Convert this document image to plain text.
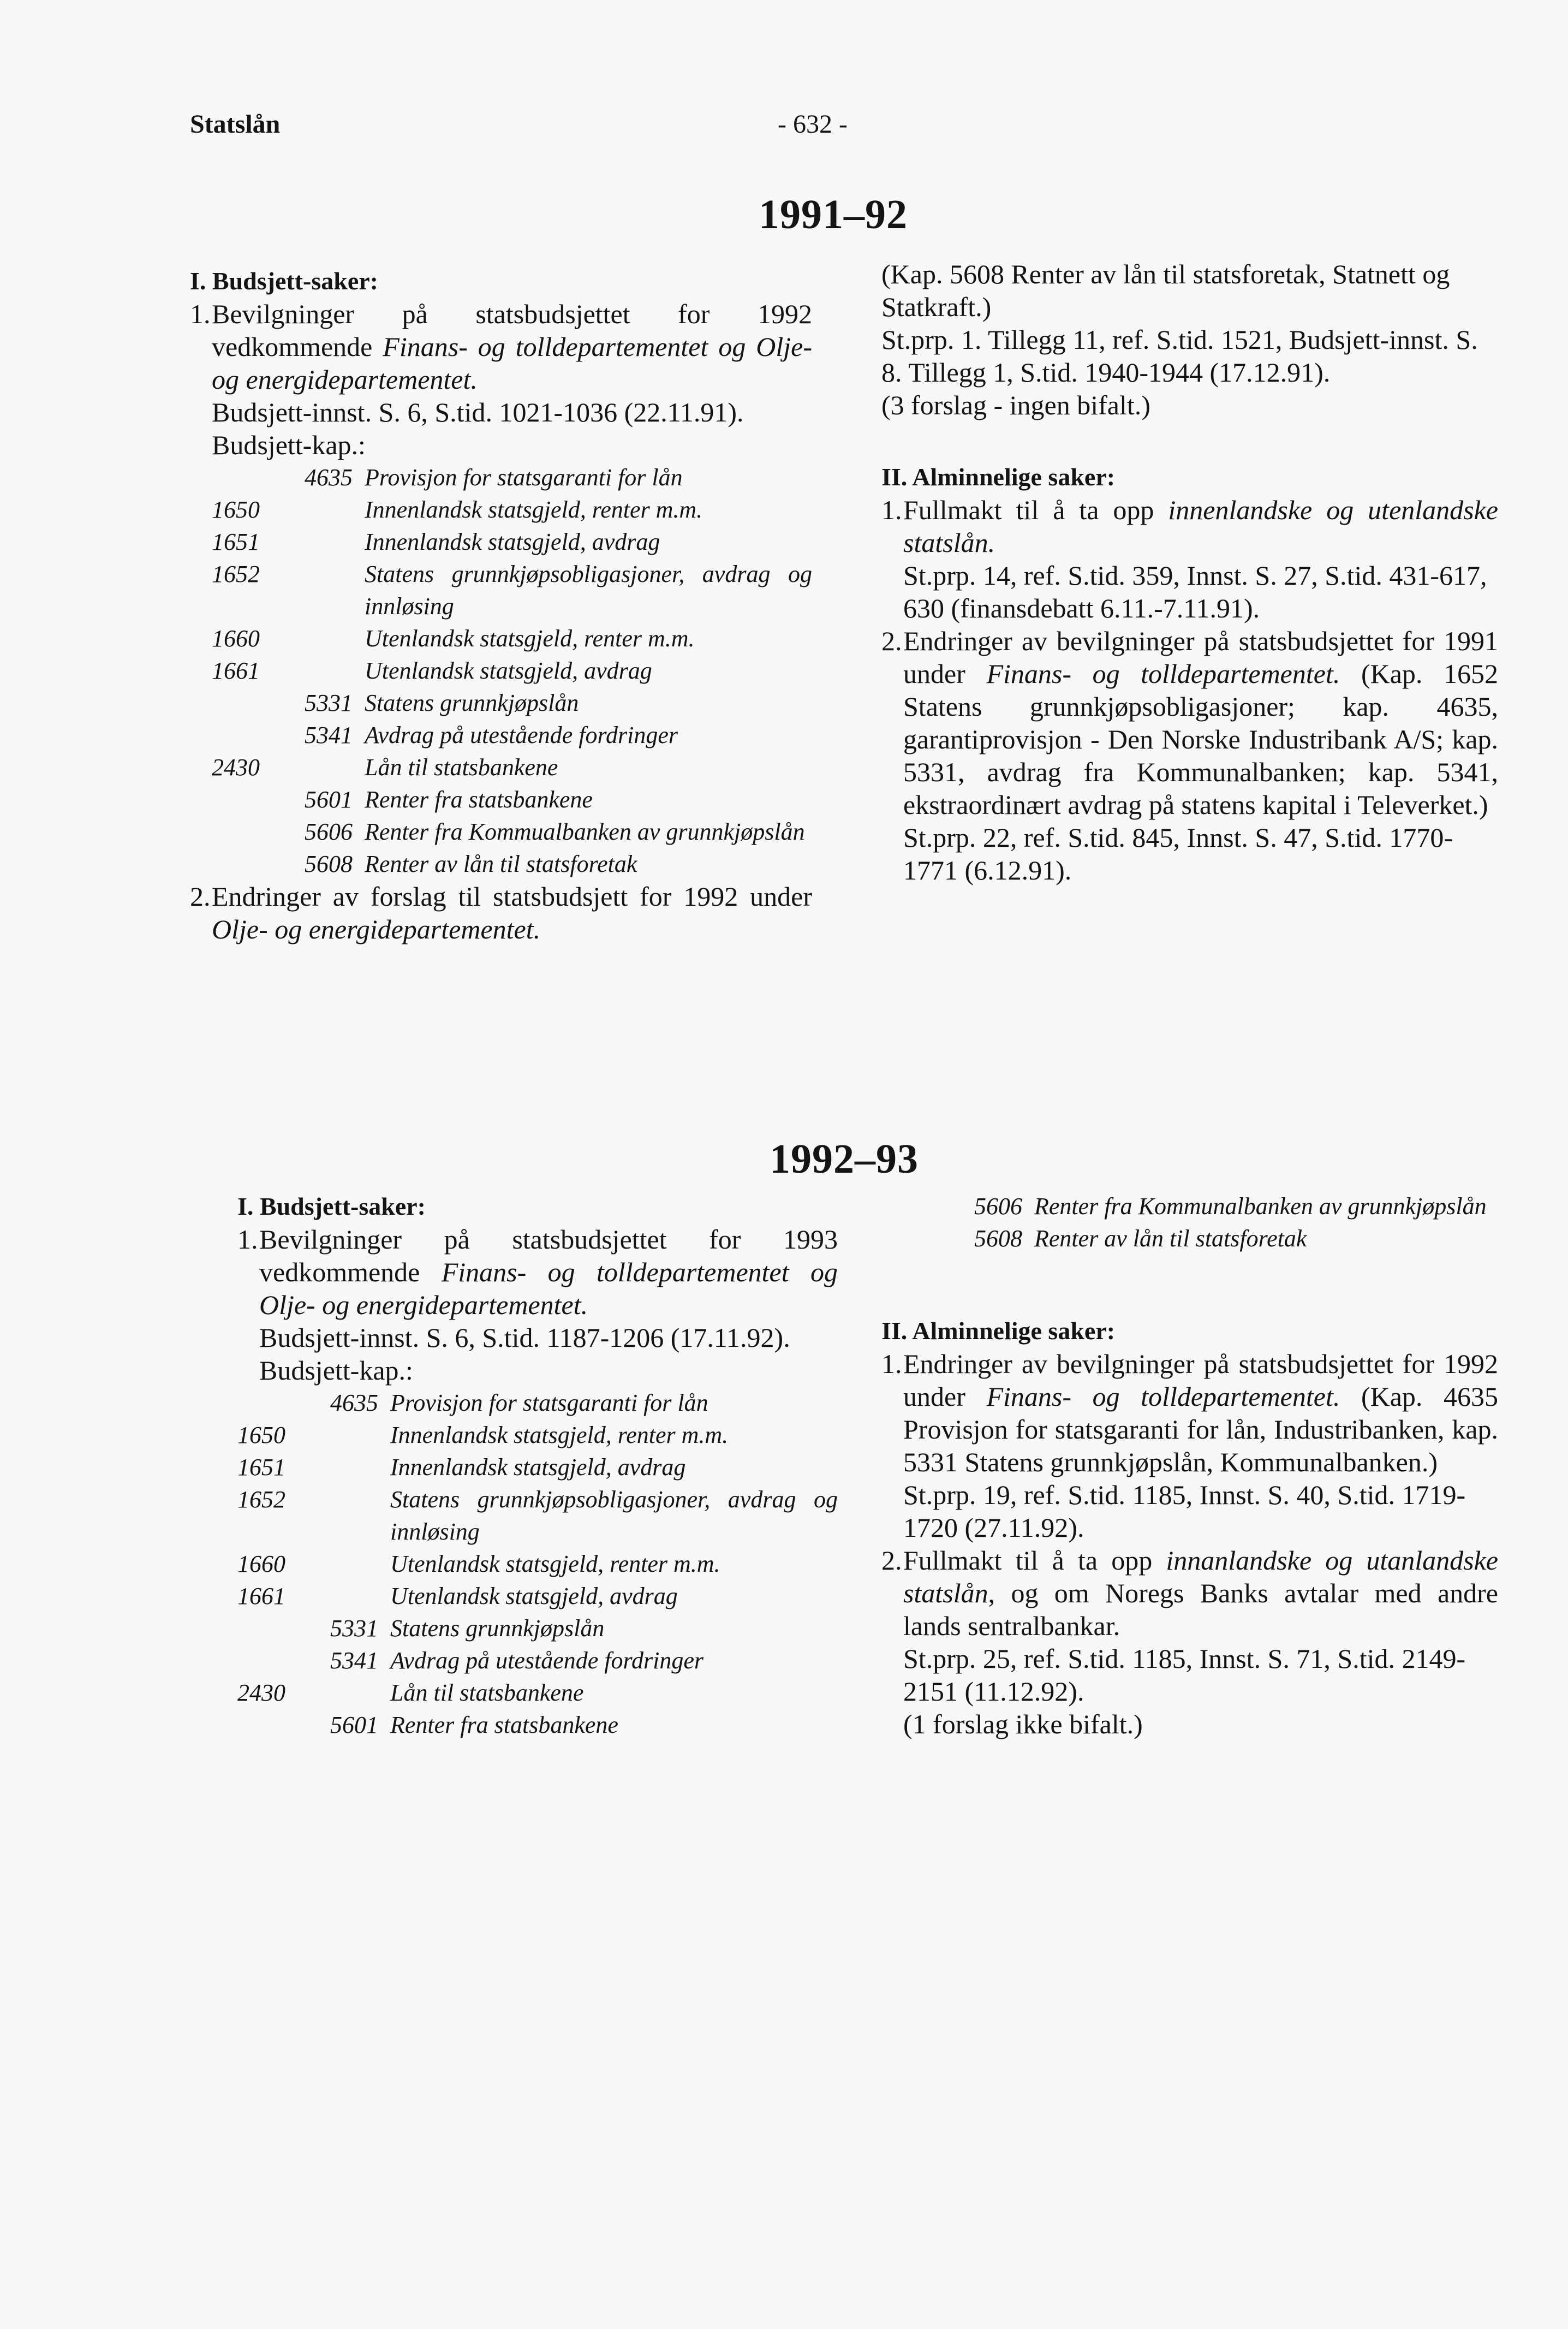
Statslån	- 632 -
1991–92

I. Budsjett-saker:

1. Bevilgninger på statsbudsjettet for 1992 vedkommende Finans- og tolldepartementet og Olje- og energidepartementet.

Budsjett-innst. S. 6, S.tid. 1021-1036 (22.11.91).

Budsjett-kap.:

4635 Provisjon for statsgaranti for lån
1650	Innenlandsk statsgjeld, renter m.m.
1651	Innenlandsk statsgjeld, avdrag
1652	Statens grunnkjøpsobligasjoner, avdrag og innløsing
1660	Utenlandsk statsgjeld, renter m.m.
1661	Utenlandsk statsgjeld, avdrag
5331 Statens grunnkjøpslån
5341 Avdrag på utestående fordringer
2430	Lån til statsbankene
5601 Renter fra statsbankene
5606 Renter fra Kommualbanken av grunnkjøpslån
5608 Renter av lån til statsforetak
2. Endringer av forslag til statsbudsjett for 1992 under Olje- og energidepartementet.

(Kap. 5608 Renter av lån til statsforetak, Statnett og Statkraft.)

St.prp. 1. Tillegg 11, ref. S.tid. 1521, Budsjett-innst. S. 8. Tillegg 1, S.tid. 1940-1944 (17.12.91).

(3 forslag - ingen bifalt.)

II. Alminnelige saker:

1. Fullmakt til å ta opp innenlandske og utenlandske statslån.

St.prp. 14, ref. S.tid. 359, Innst. S. 27, S.tid. 431-617, 630 (finansdebatt 6.11.-7.11.91).

2. Endringer av bevilgninger på statsbudsjettet for 1991 under Finans- og tolldepartementet. (Kap. 1652 Statens grunnkjøpsobligasjoner; kap. 4635, garantiprovisjon - Den Norske Industribank A/S; kap. 5331, avdrag fra Kommunalbanken; kap. 5341, ekstraordinært avdrag på statens kapital i Televerket.)

St.prp. 22, ref. S.tid. 845, Innst. S. 47, S.tid. 1770- 1771 (6.12.91).

1992–93

I. Budsjett-saker:

1. Bevilgninger på statsbudsjettet for 1993 vedkommende Finans- og tolldepartementet og Olje- og energidepartementet.

Budsjett-innst. S. 6, S.tid. 1187-1206 (17.11.92).

Budsjett-kap.:

4635 Provisjon for statsgaranti for lån
1650	Innenlandsk statsgjeld, renter m.m.
1651	Innenlandsk statsgjeld, avdrag
1652	Statens grunnkjøpsobligasjoner, avdrag og innløsing
1660	Utenlandsk statsgjeld, renter m.m.
1661	Utenlandsk statsgjeld, avdrag
5331 Statens grunnkjøpslån
5341 Avdrag på utestående fordringer
2430	Lån til statsbankene
5601 Renter fra statsbankene
5606 Renter fra Kommunalbanken av grunnkjøpslån
5608 Renter av lån til statsforetak

II. Alminnelige saker:

1. Endringer av bevilgninger på statsbudsjettet for 1992 under Finans- og tolldepartementet. (Kap. 4635 Provisjon for statsgaranti for lån, Industribanken, kap. 5331 Statens grunnkjøpslån, Kommunalbanken.)

St.prp. 19, ref. S.tid. 1185, Innst. S. 40, S.tid. 1719-1720 (27.11.92).

2. Fullmakt til å ta opp innanlandske og utanlandske statslån, og om Noregs Banks avtalar med andre lands sentralbankar.

St.prp. 25, ref. S.tid. 1185, Innst. S. 71, S.tid. 2149-2151 (11.12.92).

(1 forslag ikke bifalt.)
